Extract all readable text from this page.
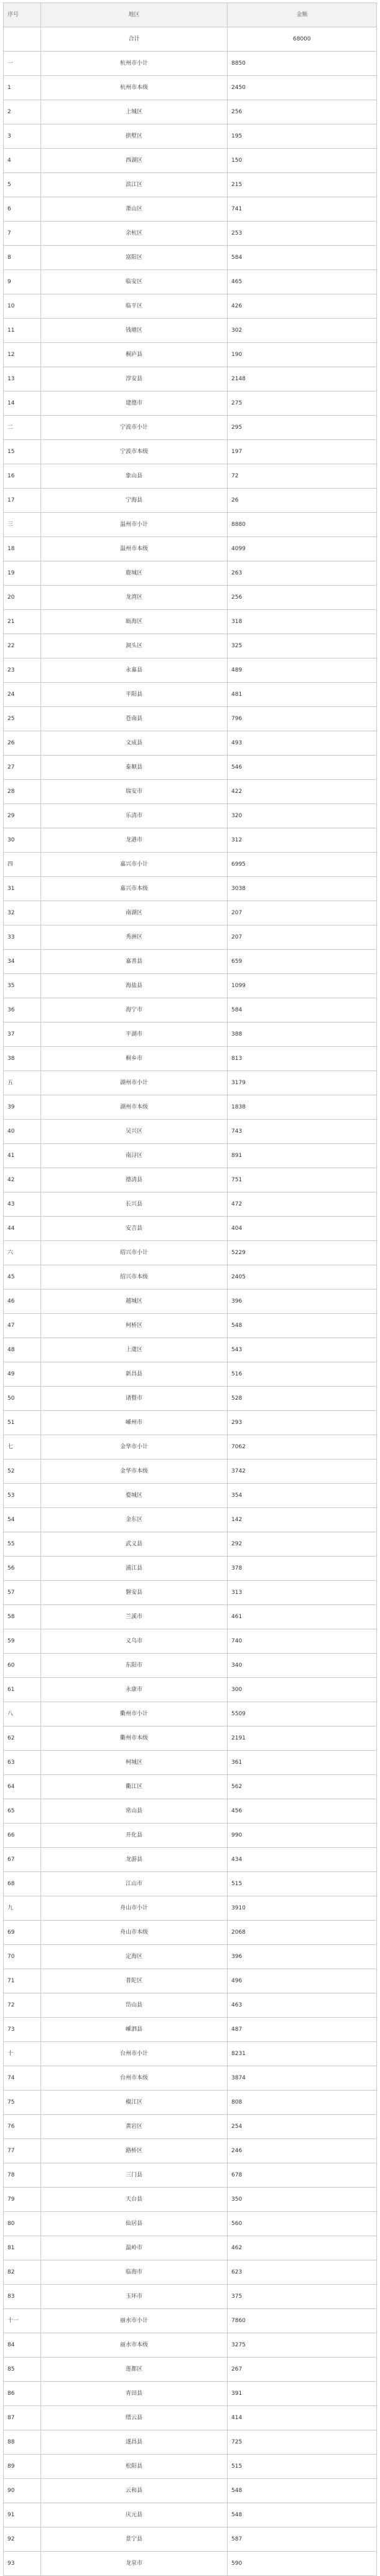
序号	地区	金额
	合计	68000
一	杭州市小计	8850
1	杭州市本级	2450
2	上城区	256
3	拱墅区	195
4	西湖区	150
5	滨江区	215
6	萧山区	741
7	余杭区	253
8	富阳区	584
9	临安区	465
10	临平区	426
11	钱塘区	302
12	桐庐县	190
13	淳安县	2148
14	建德市	275
二	宁波市小计	295
15	宁波市本级	197
16	象山县	72
17	宁海县	26
三	温州市小计	8880
18	温州市本级	4099
19	鹿城区	263
20	龙湾区	256
21	瓯海区	318
22	洞头区	325
23	永嘉县	489
24	平阳县	481
25	苍南县	796
26	文成县	493
27	泰顺县	546
28	瑞安市	422
29	乐清市	320
30	龙港市	312
四	嘉兴市小计	6995
31	嘉兴市本级	3038
32	南湖区	207
33	秀洲区	207
34	嘉善县	659
35	海盐县	1099
36	海宁市	584
37	平湖市	388
38	桐乡市	813
五	湖州市小计	3179
39	湖州市本级	1838
40	吴兴区	743
41	南浔区	891
42	德清县	751
43	长兴县	472
44	安吉县	404
六	绍兴市小计	5229
45	绍兴市本级	2405
46	越城区	396
47	柯桥区	548
48	上虞区	543
49	新昌县	516
50	诸暨市	528
51	嵊州市	293
七	金华市小计	7062
52	金华市本级	3742
53	婺城区	354
54	金东区	142
55	武义县	292
56	浦江县	378
57	磐安县	313
58	兰溪市	461
59	义乌市	740
60	东阳市	340
61	永康市	300
八	衢州市小计	5509
62	衢州市本级	2191
63	柯城区	361
64	衢江区	562
65	常山县	456
66	开化县	990
67	龙游县	434
68	江山市	515
九	舟山市小计	3910
69	舟山市本级	2068
70	定海区	396
71	普陀区	496
72	岱山县	463
73	嵊泗县	487
十	台州市小计	8231
74	台州市本级	3874
75	椒江区	808
76	黄岩区	254
77	路桥区	246
78	三门县	678
79	天台县	350
80	仙居县	560
81	温岭市	462
82	临海市	623
83	玉环市	375
十一	丽水市小计	7860
84	丽水市本级	3275
85	莲都区	267
86	青田县	391
87	缙云县	414
88	遂昌县	725
89	松阳县	515
90	云和县	548
91	庆元县	548
92	景宁县	587
93	龙泉市	590
